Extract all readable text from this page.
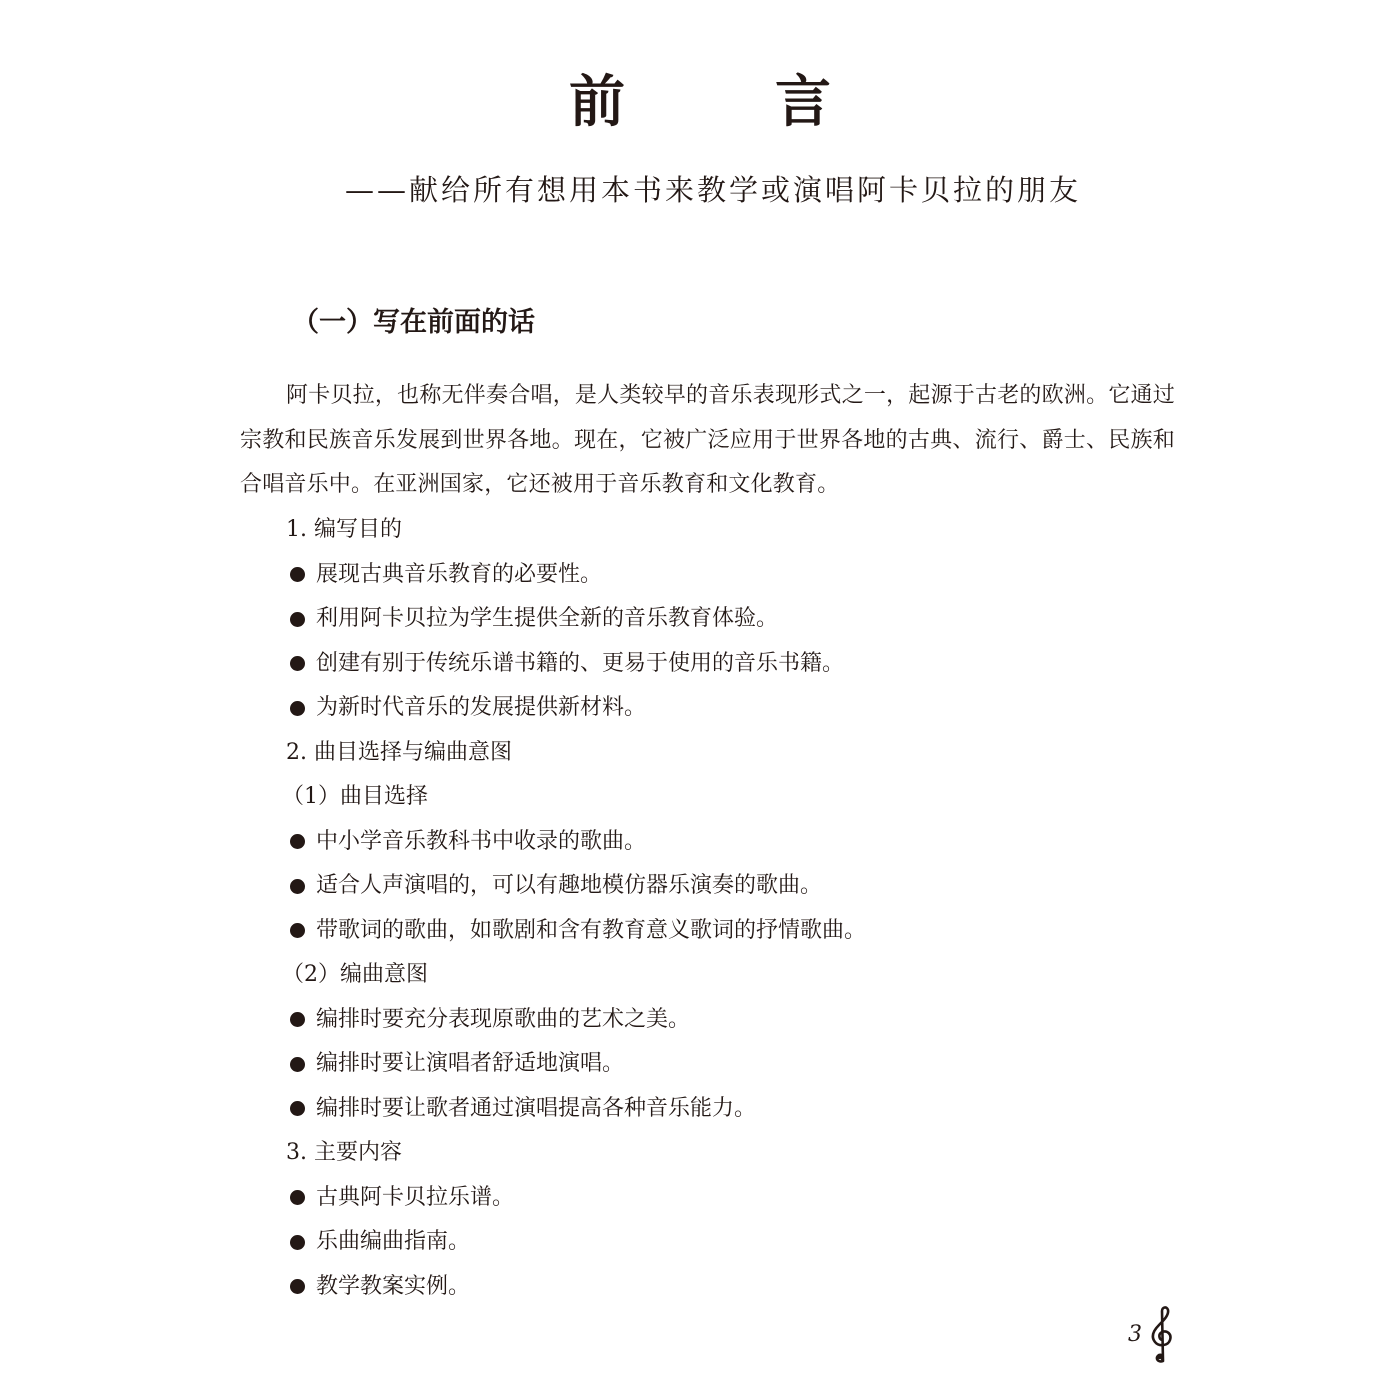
前	言
——献给所有想用本书来教学或演唱阿卡贝拉的朋友
（一）写在前面的话

阿卡贝拉，也称无伴奏合唱，是人类较早的音乐表现形式之一，起源于古老的欧洲。它通过宗教和民族音乐发展到世界各地。现在，它被广泛应用于世界各地的古典、流行、爵士、民族和合唱音乐中。在亚洲国家，它还被用于音乐教育和文化教育。

1. 编写目的
展现古典音乐教育的必要性。
利用阿卡贝拉为学生提供全新的音乐教育体验。
创建有别于传统乐谱书籍的、更易于使用的音乐书籍。
为新时代音乐的发展提供新材料。
2. 曲目选择与编曲意图
（1）曲目选择
中小学音乐教科书中收录的歌曲。
适合人声演唱的，可以有趣地模仿器乐演奏的歌曲。
带歌词的歌曲，如歌剧和含有教育意义歌词的抒情歌曲。
（2）编曲意图
编排时要充分表现原歌曲的艺术之美。
编排时要让演唱者舒适地演唱。
编排时要让歌者通过演唱提高各种音乐能力。
3. 主要内容
古典阿卡贝拉乐谱。
乐曲编曲指南。
教学教案实例。
3
